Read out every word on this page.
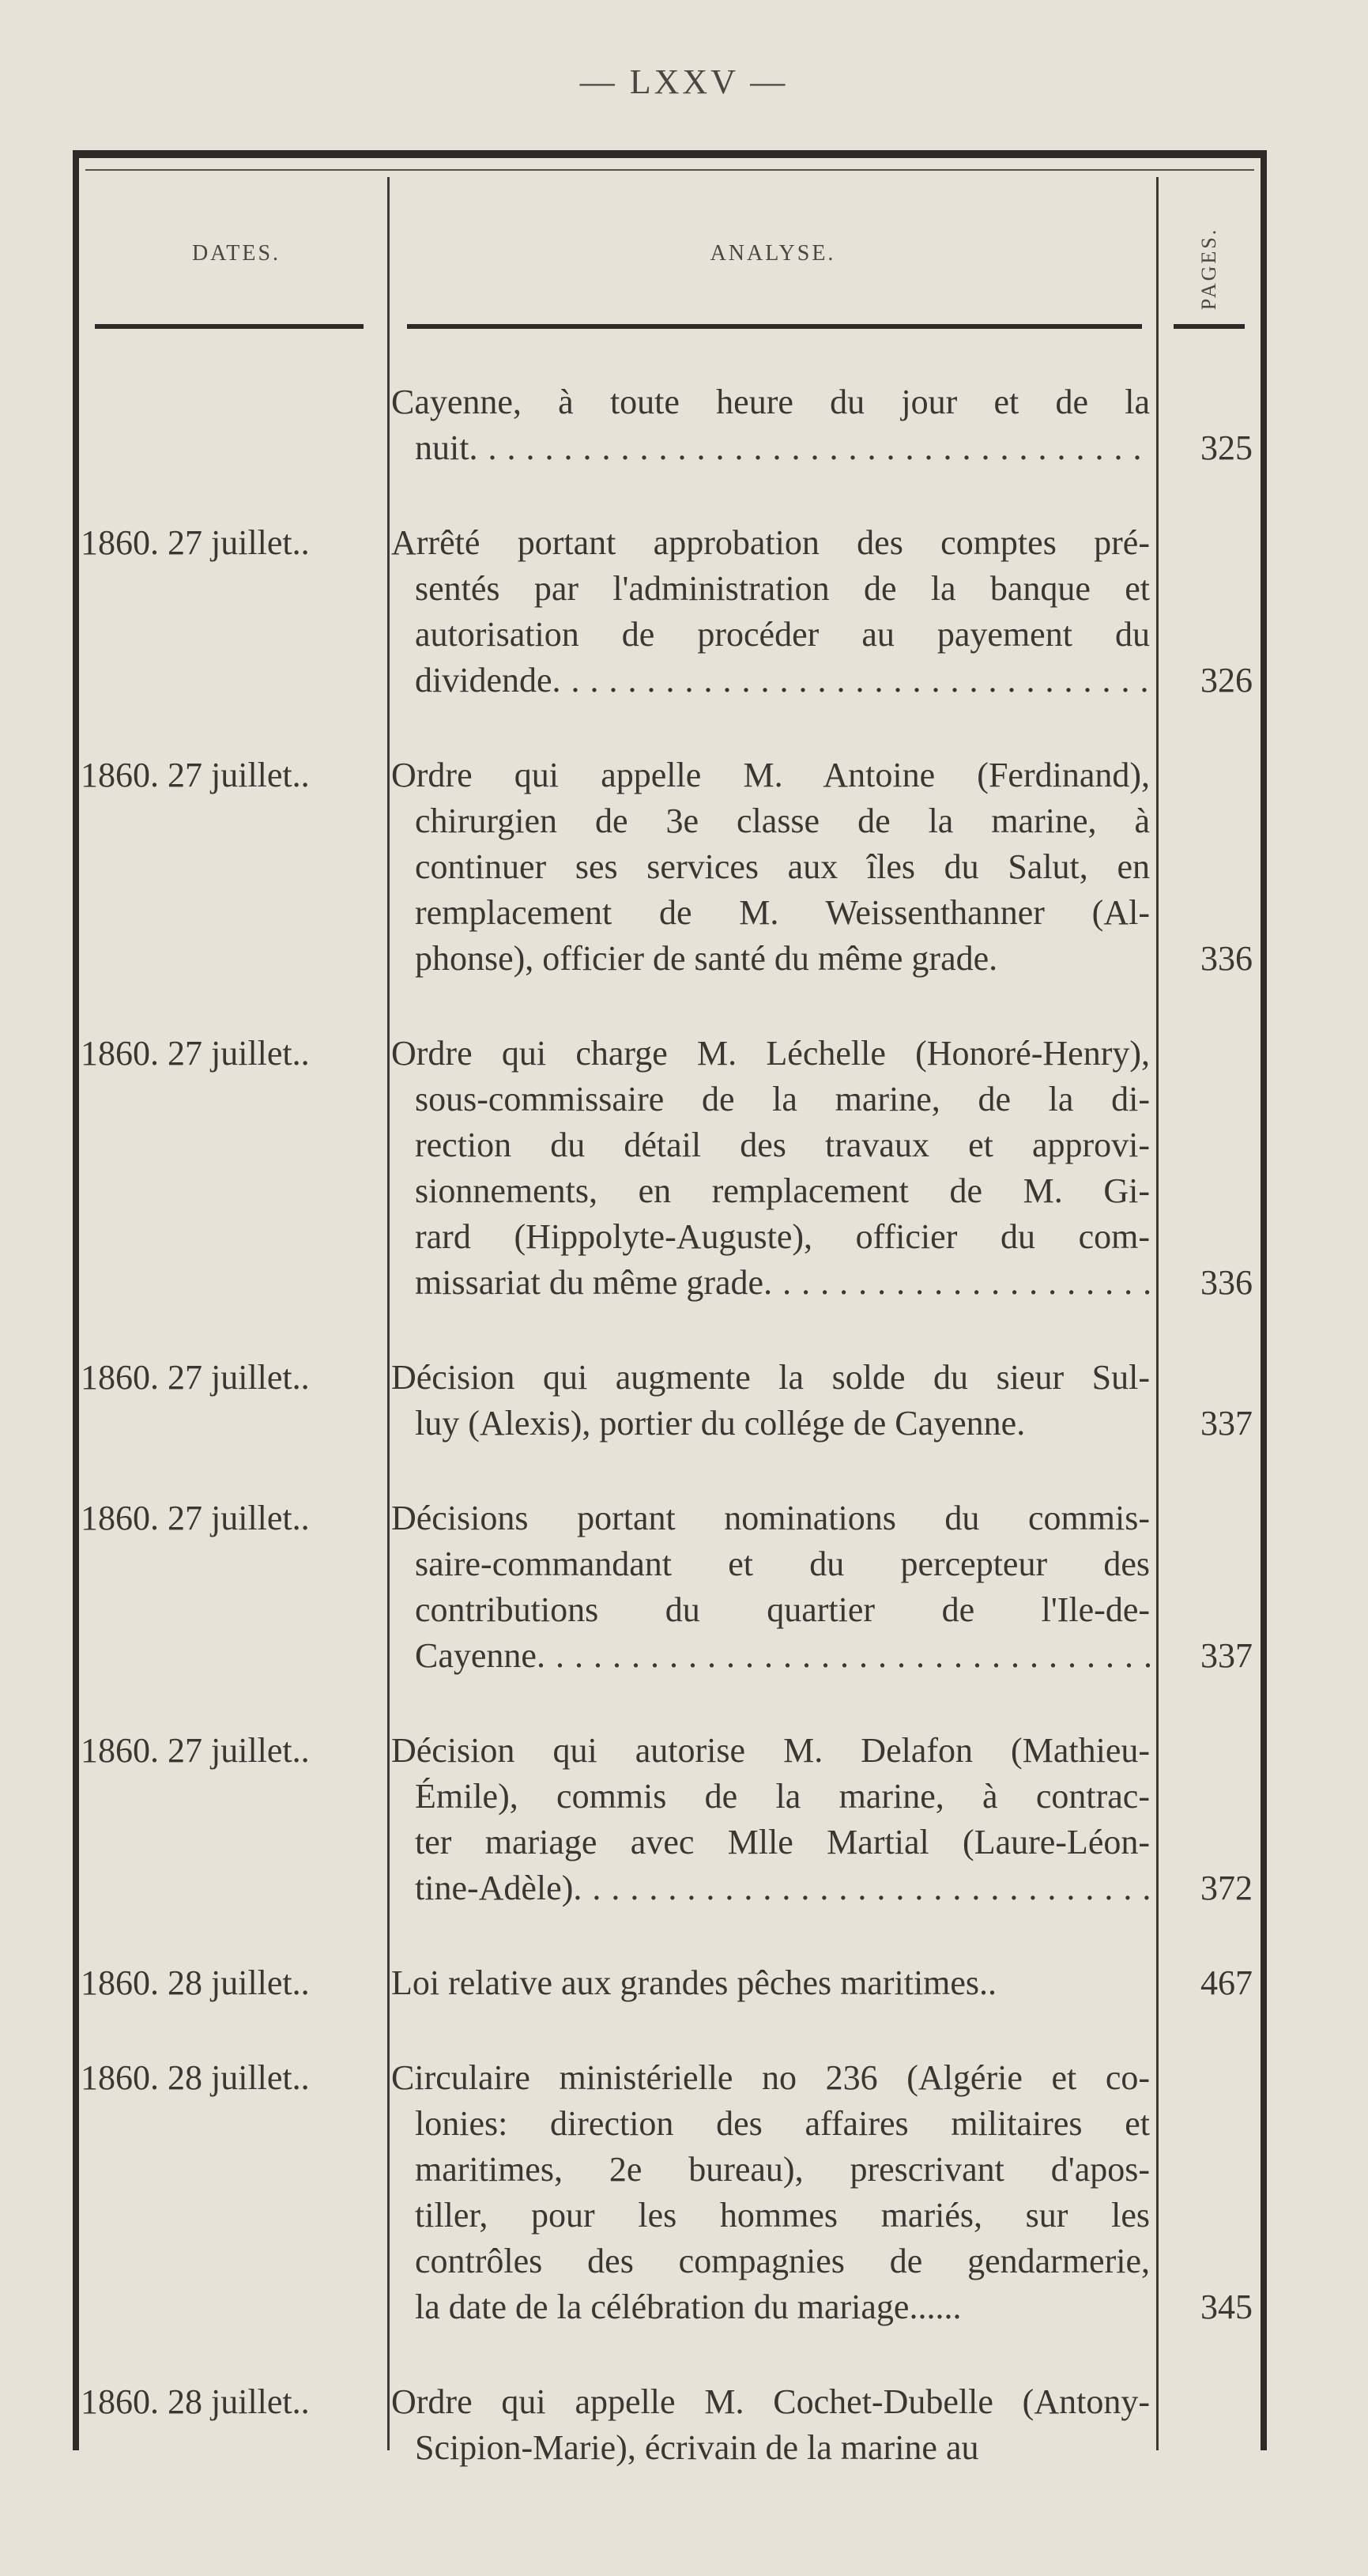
— LXXV —
DATES.	ANALYSE.	PAGES.
Cayenne, à toute heure du jour et de la
nuit . . .	325
1860. 27 juillet..	Arrêté portant approbation des comptes pré-
sentés par l'administration de la banque et
autorisation de procéder au payement du
dividende . . .	326
1860. 27 juillet..	Ordre qui appelle M. Antoine (Ferdinand),
chirurgien de 3e classe de la marine, à
continuer ses services aux îles du Salut, en
remplacement de M. Weissenthanner (Al-
phonse), officier de santé du même grade.	336
1860. 27 juillet..	Ordre qui charge M. Léchelle (Honoré-Henry),
sous-commissaire de la marine, de la di-
rection du détail des travaux et approvi-
sionnements, en remplacement de M. Gi-
rard (Hippolyte-Auguste), officier du com-
missariat du même grade . . .	336
1860. 27 juillet..	Décision qui augmente la solde du sieur Sul-
luy (Alexis), portier du collége de Cayenne.	337
1860. 27 juillet..	Décisions portant nominations du commis-
saire-commandant et du percepteur des
contributions du quartier de l'Ile-de-
Cayenne . . .	337
1860. 27 juillet..	Décision qui autorise M. Delafon (Mathieu-
Émile), commis de la marine, à contrac-
ter mariage avec Mlle Martial (Laure-Léon-
tine-Adèle) . . .	372
1860. 28 juillet..	Loi relative aux grandes pêches maritimes..	467
1860. 28 juillet..	Circulaire ministérielle no 236 (Algérie et co-
lonies: direction des affaires militaires et
maritimes, 2e bureau), prescrivant d'apos-
tiller, pour les hommes mariés, sur les
contrôles des compagnies de gendarmerie,
la date de la célébration du mariage......	345
1860. 28 juillet..	Ordre qui appelle M. Cochet-Dubelle (Antony-
Scipion-Marie), écrivain de la marine au
